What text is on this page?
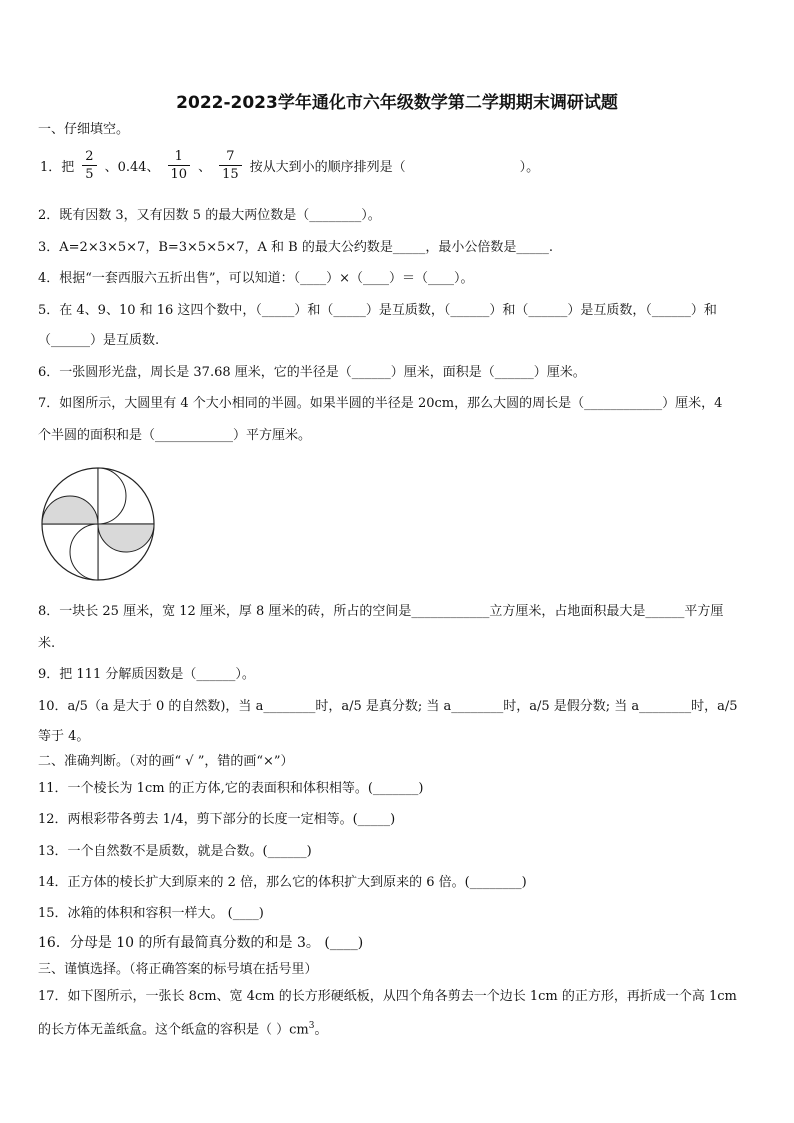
2022-2023学年通化市六年级数学第二学期期末调研试题
一、仔细填空。
1．把 $\frac{2}{5}$ 、0.44、 $\frac{1}{10}$ 、 $\frac{7}{15}$ 按从大到小的顺序排列是（	）。
2．既有因数 3，又有因数 5 的最大两位数是（________）。
3．A=2×3×5×7，B=3×5×5×7，A 和 B 的最大公约数是_____，最小公倍数是_____.
4．根据“一套西服六五折出售”，可以知道：（____）×（____）＝（____）。
5．在 4、9、10 和 16 这四个数中，（_____）和（_____）是互质数，（______）和（______）是互质数，（______）和
（______）是互质数.
6．一张圆形光盘，周长是 37.68 厘米，它的半径是（______）厘米，面积是（______）厘米。
7．如图所示，大圆里有 4 个大小相同的半圆。如果半圆的半径是 20cm，那么大圆的周长是（____________）厘米，4
个半圆的面积和是（____________）平方厘米。
8．一块长 25 厘米，宽 12 厘米，厚 8 厘米的砖，所占的空间是____________立方厘米，占地面积最大是______平方厘
米.
9．把 111 分解质因数是（______）。
10．a/5（a 是大于 0 的自然数)，当 a________时，a/5 是真分数; 当 a________时，a/5 是假分数; 当 a________时，a/5
等于 4。
二、准确判断。（对的画“ √ ”，错的画“×”）
11．一个棱长为 1cm 的正方体,它的表面积和体积相等。(_______)
12．两根彩带各剪去 1/4，剪下部分的长度一定相等。(_____)
13．一个自然数不是质数，就是合数。(______)
14．正方体的棱长扩大到原来的 2 倍，那么它的体积扩大到原来的 6 倍。(________)
15．冰箱的体积和容积一样大。 (____)
16．分母是 10 的所有最简真分数的和是 3。 (____)
三、谨慎选择。（将正确答案的标号填在括号里）
17．如下图所示，一张长 8cm、宽 4cm 的长方形硬纸板，从四个角各剪去一个边长 1cm 的正方形，再折成一个高 1cm
的长方体无盖纸盒。这个纸盒的容积是（ ）$cm^3$。
